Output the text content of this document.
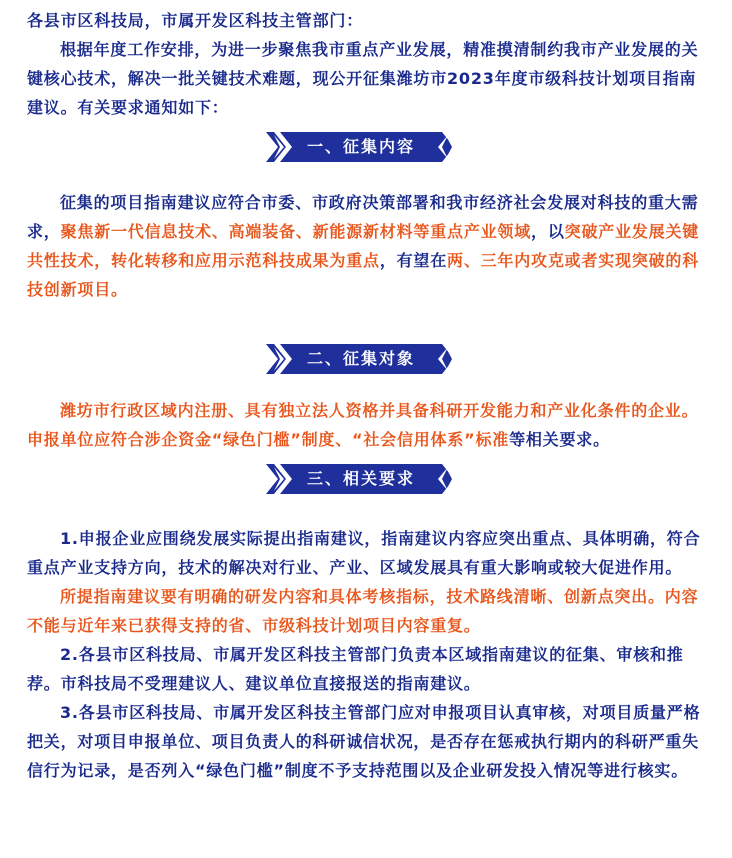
各县市区科技局，市属开发区科技主管部门：

根据年度工作安排，为进一步聚焦我市重点产业发展，精准摸清制约我市产业发展的关键核心技术，解决一批关键技术难题，现公开征集潍坊市2023年度市级科技计划项目指南建议。有关要求通知如下：

一、征集内容

征集的项目指南建议应符合市委、市政府决策部署和我市经济社会发展对科技的重大需求，聚焦新一代信息技术、高端装备、新能源新材料等重点产业领域，以突破产业发展关键共性技术，转化转移和应用示范科技成果为重点，有望在两、三年内攻克或者实现突破的科技创新项目。

二、征集对象

潍坊市行政区域内注册、具有独立法人资格并具备科研开发能力和产业化条件的企业。申报单位应符合涉企资金“绿色门槛”制度、“社会信用体系”标准等相关要求。

三、相关要求

1.申报企业应围绕发展实际提出指南建议，指南建议内容应突出重点、具体明确，符合重点产业支持方向，技术的解决对行业、产业、区域发展具有重大影响或较大促进作用。

所提指南建议要有明确的研发内容和具体考核指标，技术路线清晰、创新点突出。内容不能与近年来已获得支持的省、市级科技计划项目内容重复。

2.各县市区科技局、市属开发区科技主管部门负责本区域指南建议的征集、审核和推荐。市科技局不受理建议人、建议单位直接报送的指南建议。

3.各县市区科技局、市属开发区科技主管部门应对申报项目认真审核，对项目质量严格把关，对项目申报单位、项目负责人的科研诚信状况，是否存在惩戒执行期内的科研严重失信行为记录，是否列入“绿色门槛”制度不予支持范围以及企业研发投入情况等进行核实。
